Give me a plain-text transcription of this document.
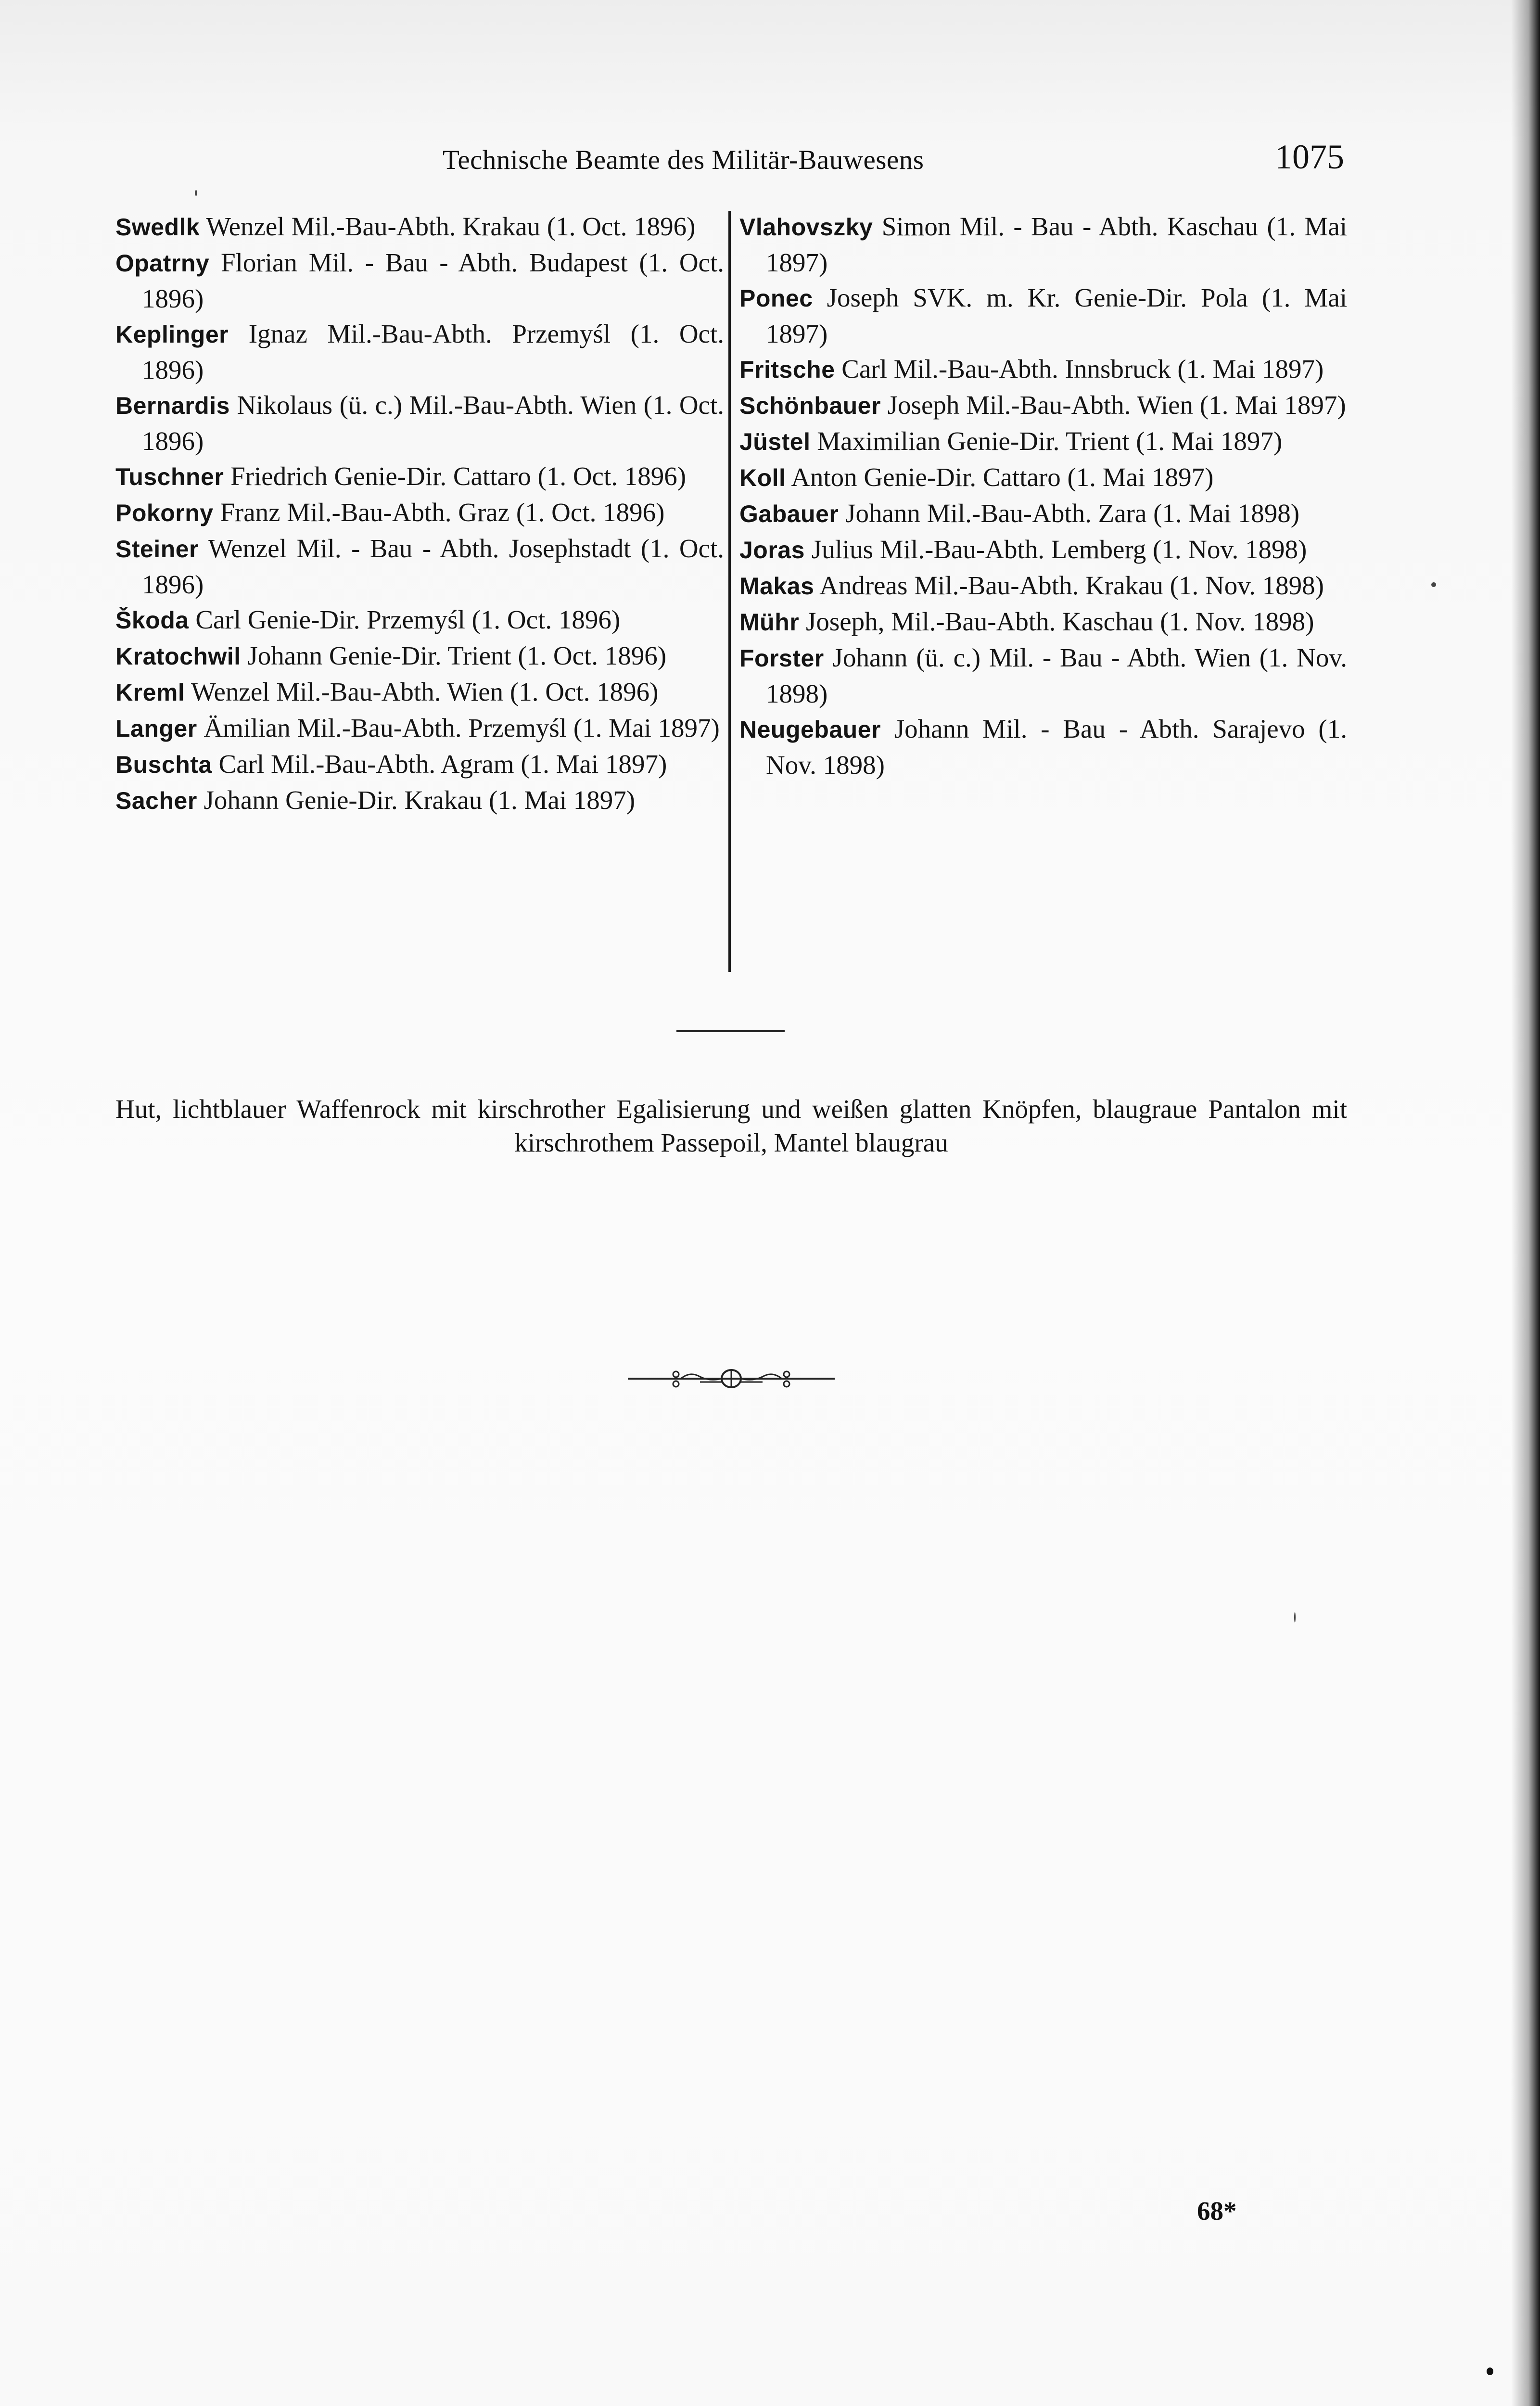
Technische Beamte des Militär-Bauwesens	1075
Swedlk Wenzel Mil.-Bau-Abth. Krakau (1. Oct. 1896)
Opatrny Florian Mil. - Bau - Abth. Budapest (1. Oct. 1896)
Keplinger Ignaz Mil.-Bau-Abth. Przemyśl (1. Oct. 1896)
Bernardis Nikolaus (ü. c.) Mil.-Bau-Abth. Wien (1. Oct. 1896)
Tuschner Friedrich Genie-Dir. Cattaro (1. Oct. 1896)
Pokorny Franz Mil.-Bau-Abth. Graz (1. Oct. 1896)
Steiner Wenzel Mil. - Bau - Abth. Josephstadt (1. Oct. 1896)
Škoda Carl Genie-Dir. Przemyśl (1. Oct. 1896)
Kratochwil Johann Genie-Dir. Trient (1. Oct. 1896)
Kreml Wenzel Mil.-Bau-Abth. Wien (1. Oct. 1896)
Langer Ämilian Mil.-Bau-Abth. Przemyśl (1. Mai 1897)
Buschta Carl Mil.-Bau-Abth. Agram (1. Mai 1897)
Sacher Johann Genie-Dir. Krakau (1. Mai 1897)
Vlahovszky Simon Mil. - Bau - Abth. Kaschau (1. Mai 1897)
Ponec Joseph SVK. m. Kr. Genie-Dir. Pola (1. Mai 1897)
Fritsche Carl Mil.-Bau-Abth. Innsbruck (1. Mai 1897)
Schönbauer Joseph Mil.-Bau-Abth. Wien (1. Mai 1897)
Jüstel Maximilian Genie-Dir. Trient (1. Mai 1897)
Koll Anton Genie-Dir. Cattaro (1. Mai 1897)
Gabauer Johann Mil.-Bau-Abth. Zara (1. Mai 1898)
Joras Julius Mil.-Bau-Abth. Lemberg (1. Nov. 1898)
Makas Andreas Mil.-Bau-Abth. Krakau (1. Nov. 1898)
Mühr Joseph, Mil.-Bau-Abth. Kaschau (1. Nov. 1898)
Forster Johann (ü. c.) Mil. - Bau - Abth. Wien (1. Nov. 1898)
Neugebauer Johann Mil. - Bau - Abth. Sarajevo (1. Nov. 1898)
Hut, lichtblauer Waffenrock mit kirschrother Egalisierung und weißen glatten Knöpfen, blaugraue Pantalon mit kirschrothem Passepoil, Mantel blaugrau
68*
